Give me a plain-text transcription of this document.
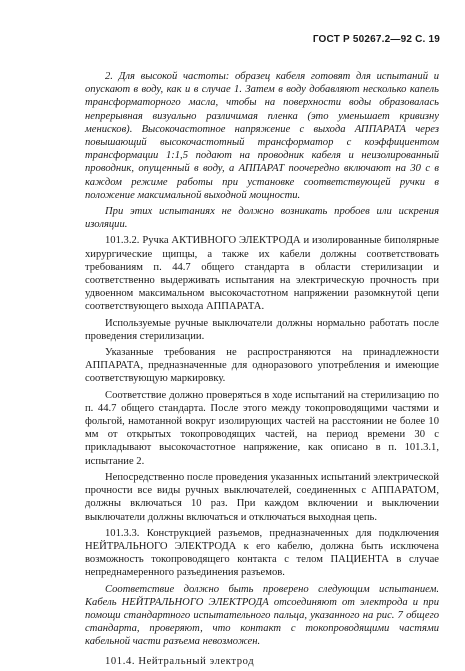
ГОСТ Р 50267.2—92 С. 19

2. Для высокой частоты: образец кабеля готовят для испытаний и опускают в воду, как и в случае 1. Затем в воду добавляют несколько капель трансформаторного масла, чтобы на поверхности воды образовалась непрерывная визуально различимая пленка (это уменьшает кривизну менисков). Высокочастотное напряжение с выхода АППАРАТА через повышающий высокочастотный трансформатор с коэффициентом трансформации 1:1,5 подают на проводник кабеля и неизолированный проводник, опущенный в воду, а АППАРАТ поочередно включают на 30 с в каждом режиме работы при установке соответствующей ручки в положение максимальной выходной мощности.

При этих испытаниях не должно возникать пробоев или искрения изоляции.

101.3.2. Ручка АКТИВНОГО ЭЛЕКТРОДА и изолированные биполярные хирургические щипцы, а также их кабели должны соответствовать требованиям п. 44.7 общего стандарта в области стерилизации и соответственно выдерживать испытания на электрическую прочность при удвоенном максимальном высокочастотном напряжении разомкнутой цепи соответствующего выхода АППАРАТА.

Используемые ручные выключатели должны нормально работать после проведения стерилизации.

Указанные требования не распространяются на принадлежности АППАРАТА, предназначенные для одноразового употребления и имеющие соответствующую маркировку.

Соответствие должно проверяться в ходе испытаний на стерилизацию по п. 44.7 общего стандарта. После этого между токопроводящими частями и фольгой, намотанной вокруг изолирующих частей на расстоянии не более 10 мм от открытых токопроводящих частей, на период времени 30 с прикладывают высокочастотное напряжение, как описано в п. 101.3.1, испытание 2.

Непосредственно после проведения указанных испытаний электрической прочности все виды ручных выключателей, соединенных с АППАРАТОМ, должны включаться 10 раз. При каждом включении и выключении выключатели должны включаться и отключаться выходная цепь.

101.3.3. Конструкцией разъемов, предназначенных для подключения НЕЙТРАЛЬНОГО ЭЛЕКТРОДА к его кабелю, должна быть исключена возможность токопроводящего контакта с телом ПАЦИЕНТА в случае непреднамеренного разъединения разъемов.

Соответствие должно быть проверено следующим испытанием. Кабель НЕЙТРАЛЬНОГО ЭЛЕКТРОДА отсоединяют от электрода и при помощи стандартного испытательного пальца, указанного на рис. 7 общего стандарта, проверяют, что контакт с токопроводящими частями кабельной части разъема невозможен.

101.4. Нейтральный электрод
